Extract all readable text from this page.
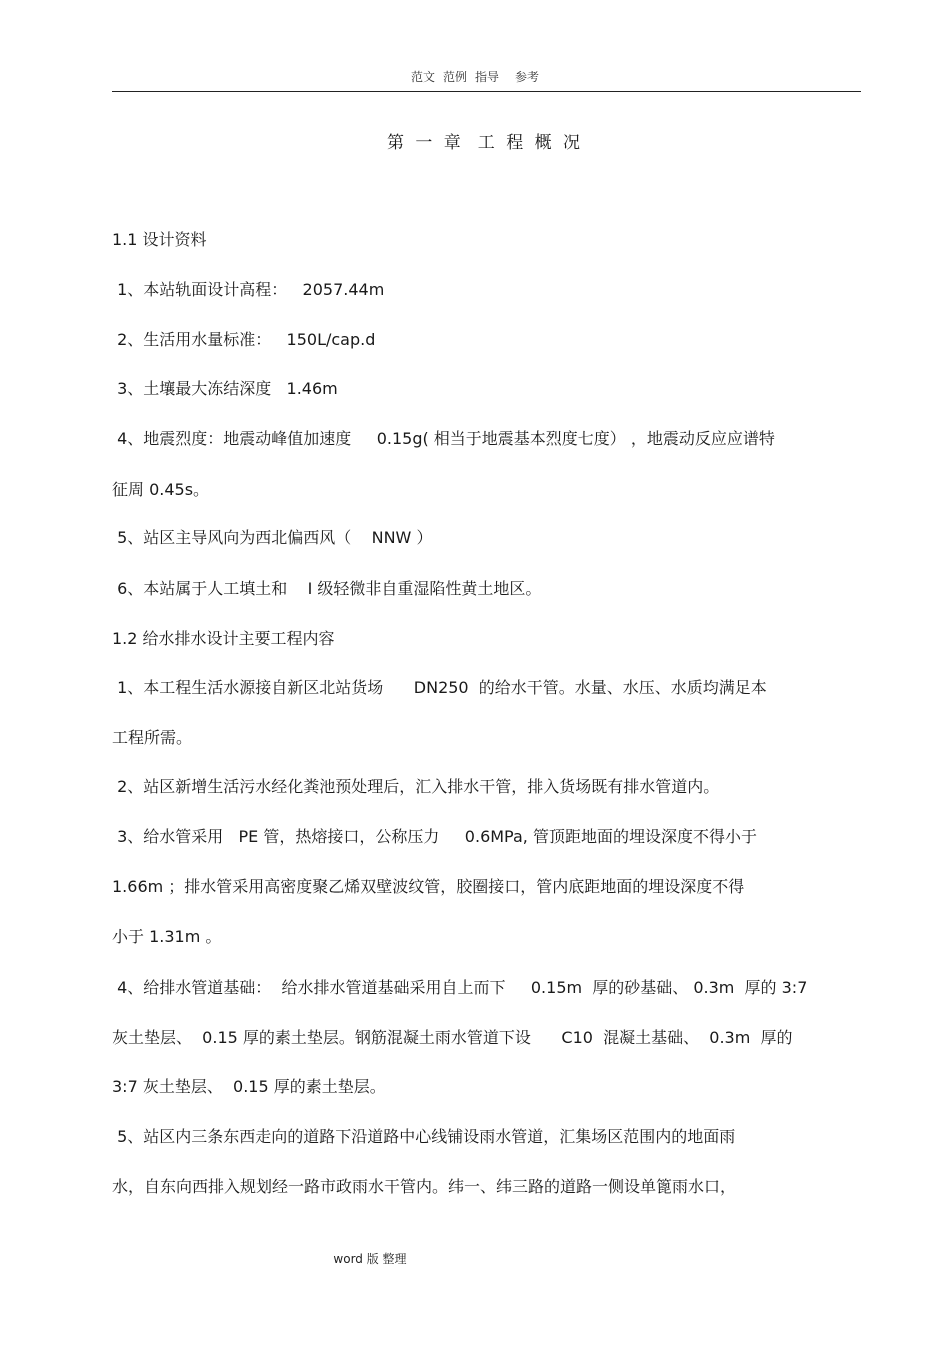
范文 范例 指导 参考
第 一 章 工 程 概 况
1.1 设计资料
1、本站轨面设计高程：   2057.44m
2、生活用水量标准：   150L/cap.d
3、土壤最大冻结深度   1.46m
4、地震烈度：地震动峰值加速度     0.15g( 相当于地震基本烈度七度） ，地震动反应应谱特
征周 0.45s。
5、站区主导风向为西北偏西风（    NNW ）
6、本站属于人工填土和    I 级轻微非自重湿陷性黄土地区。
1.2 给水排水设计主要工程内容
1、本工程生活水源接自新区北站货场      DN250  的给水干管。水量、水压、水质均满足本
工程所需。
2、站区新增生活污水经化粪池预处理后，汇入排水干管，排入货场既有排水管道内。
3、给水管采用   PE 管，热熔接口，公称压力     0.6MPa, 管顶距地面的埋设深度不得小于
1.66m ；排水管采用高密度聚乙烯双壁波纹管，胶圈接口，管内底距地面的埋设深度不得
小于 1.31m 。
4、给排水管道基础：  给水排水管道基础采用自上而下     0.15m  厚的砂基础、 0.3m  厚的 3:7
灰土垫层、  0.15 厚的素土垫层。钢筋混凝土雨水管道下设      C10  混凝土基础、  0.3m  厚的
3:7 灰土垫层、  0.15 厚的素土垫层。
5、站区内三条东西走向的道路下沿道路中心线铺设雨水管道，汇集场区范围内的地面雨
水，自东向西排入规划经一路市政雨水干管内。纬一、纬三路的道路一侧设单篦雨水口，
word 版 整理
